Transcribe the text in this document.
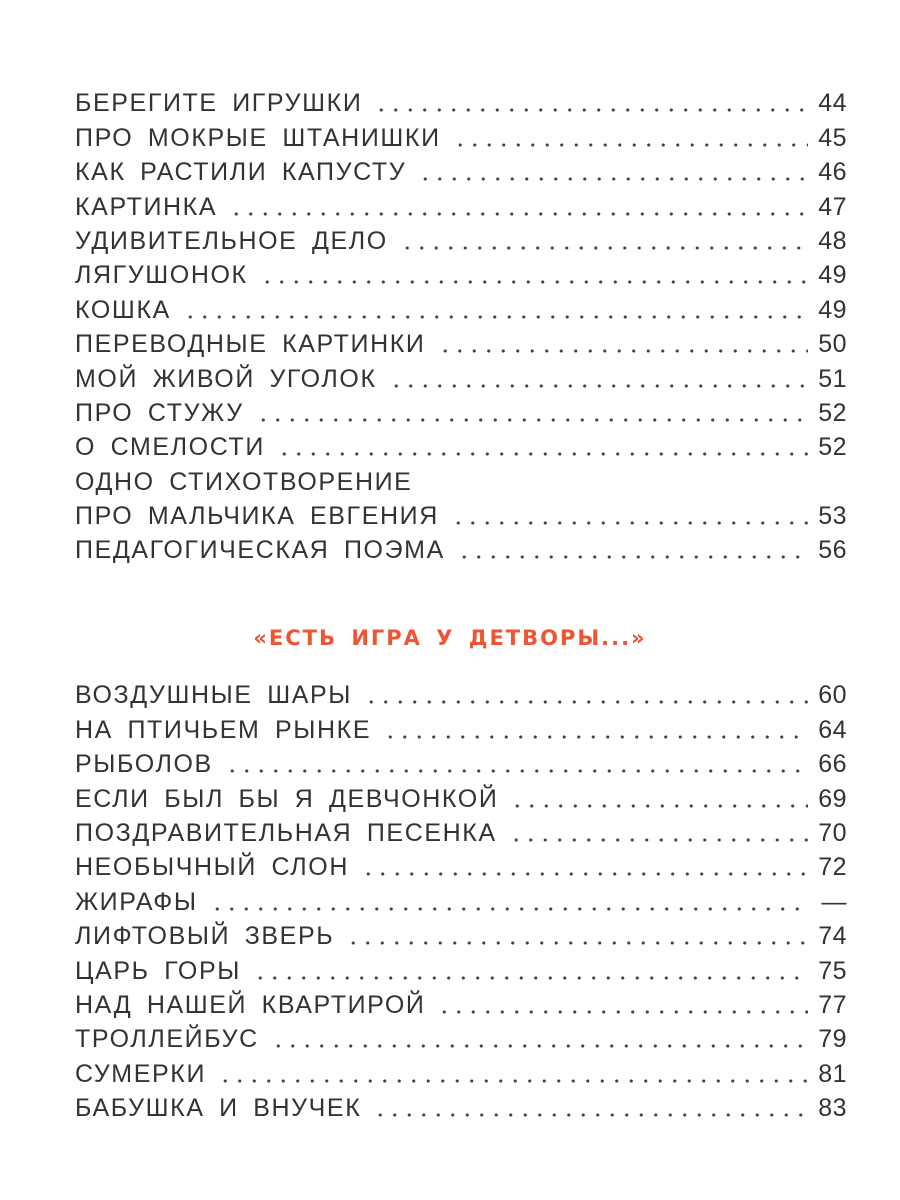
БЕРЕГИТЕ ИГРУШКИ	44
ПРО МОКРЫЕ ШТАНИШКИ	45
КАК РАСТИЛИ КАПУСТУ	46
КАРТИНКА	47
УДИВИТЕЛЬНОЕ ДЕЛО	48
ЛЯГУШОНОК	49
КОШКА	49
ПЕРЕВОДНЫЕ КАРТИНКИ	50
МОЙ ЖИВОЙ УГОЛОК	51
ПРО СТУЖУ	52
О СМЕЛОСТИ	52
ОДНО СТИХОТВОРЕНИЕ
ПРО МАЛЬЧИКА ЕВГЕНИЯ	53
ПЕДАГОГИЧЕСКАЯ ПОЭМА	56
«ЕСТЬ ИГРА У ДЕТВОРЫ...»
ВОЗДУШНЫЕ ШАРЫ	60
НА ПТИЧЬЕМ РЫНКЕ	64
РЫБОЛОВ	66
ЕСЛИ БЫЛ БЫ Я ДЕВЧОНКОЙ	69
ПОЗДРАВИТЕЛЬНАЯ ПЕСЕНКА	70
НЕОБЫЧНЫЙ СЛОН	72
ЖИРАФЫ	—
ЛИФТОВЫЙ ЗВЕРЬ	74
ЦАРЬ ГОРЫ	75
НАД НАШЕЙ КВАРТИРОЙ	77
ТРОЛЛЕЙБУС	79
СУМЕРКИ	81
БАБУШКА И ВНУЧЕК	83
